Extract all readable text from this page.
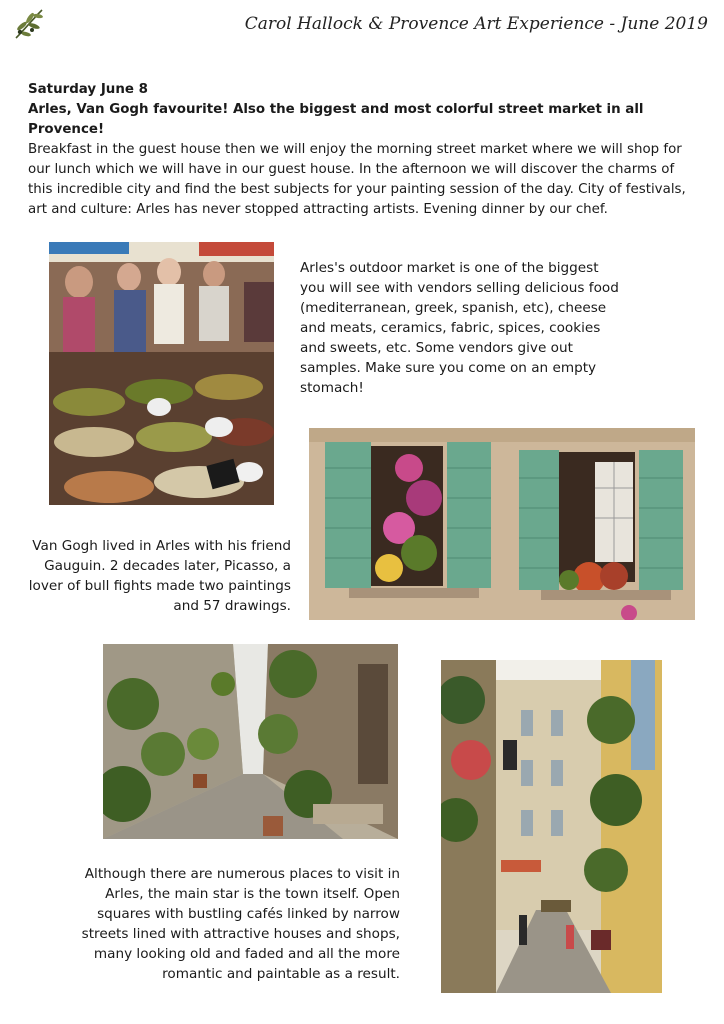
Carol Hallock & Provence Art Experience - June 2019

Saturday June 8

Arles, Van Gogh favourite! Also the biggest and most colorful street market in all Provence!

Breakfast in the guest house then we will enjoy the morning street market where we will shop for our lunch which we will have in our guest house. In the afternoon we will discover the charms of this incredible city and find the best subjects for your painting session of the day. City of festivals, art and culture: Arles has never stopped attracting artists. Evening dinner by our chef.

Arles's outdoor market is one of the biggest you will see with vendors selling delicious food (mediterranean, greek, spanish, etc), cheese and meats, ceramics, fabric, spices, cookies and sweets, etc. Some vendors give out samples. Make sure you come on an empty stomach!
Van Gogh lived in Arles with his friend Gauguin. 2 decades later, Picasso, a lover of bull fights made two paintings and 57 drawings.
Although there are numerous places to visit in Arles, the main star is the town itself. Open squares with bustling cafés linked by narrow streets lined with attractive houses and shops, many looking old and faded and all the more romantic and paintable as a result.
